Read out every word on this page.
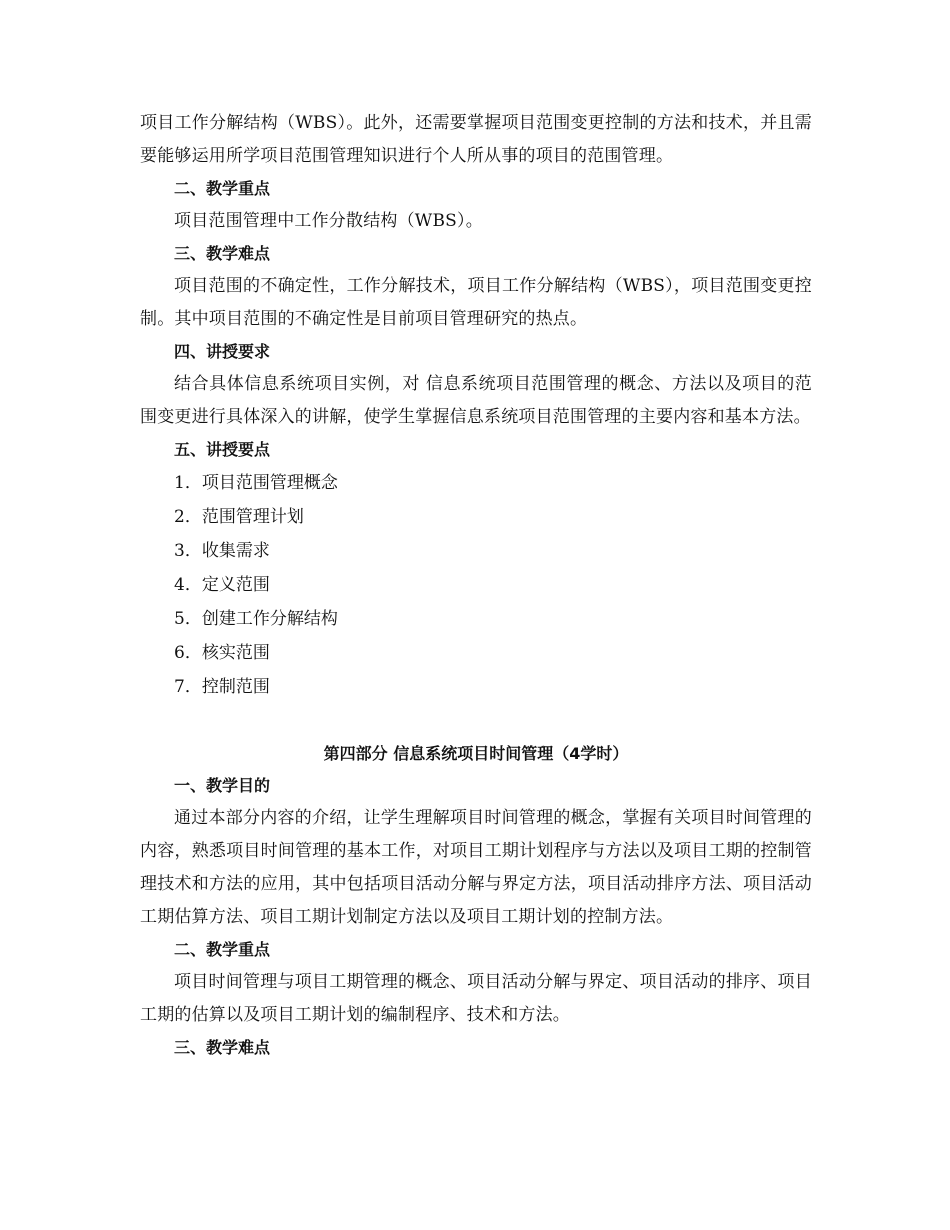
项目工作分解结构（WBS）。此外，还需要掌握项目范围变更控制的方法和技术，并且需要能够运用所学项目范围管理知识进行个人所从事的项目的范围管理。

二、教学重点

项目范围管理中工作分散结构（WBS）。

三、教学难点

项目范围的不确定性，工作分解技术，项目工作分解结构（WBS），项目范围变更控制。其中项目范围的不确定性是目前项目管理研究的热点。

四、讲授要求

结合具体信息系统项目实例，对 信息系统项目范围管理的概念、方法以及项目的范围变更进行具体深入的讲解，使学生掌握信息系统项目范围管理的主要内容和基本方法。

五、讲授要点

1．项目范围管理概念

2．范围管理计划

3．收集需求

4．定义范围

5．创建工作分解结构

6．核实范围

7．控制范围

第四部分 信息系统项目时间管理（4学时）

一、教学目的

通过本部分内容的介绍，让学生理解项目时间管理的概念，掌握有关项目时间管理的内容，熟悉项目时间管理的基本工作，对项目工期计划程序与方法以及项目工期的控制管理技术和方法的应用，其中包括项目活动分解与界定方法，项目活动排序方法、项目活动工期估算方法、项目工期计划制定方法以及项目工期计划的控制方法。

二、教学重点

项目时间管理与项目工期管理的概念、项目活动分解与界定、项目活动的排序、项目工期的估算以及项目工期计划的编制程序、技术和方法。

三、教学难点
